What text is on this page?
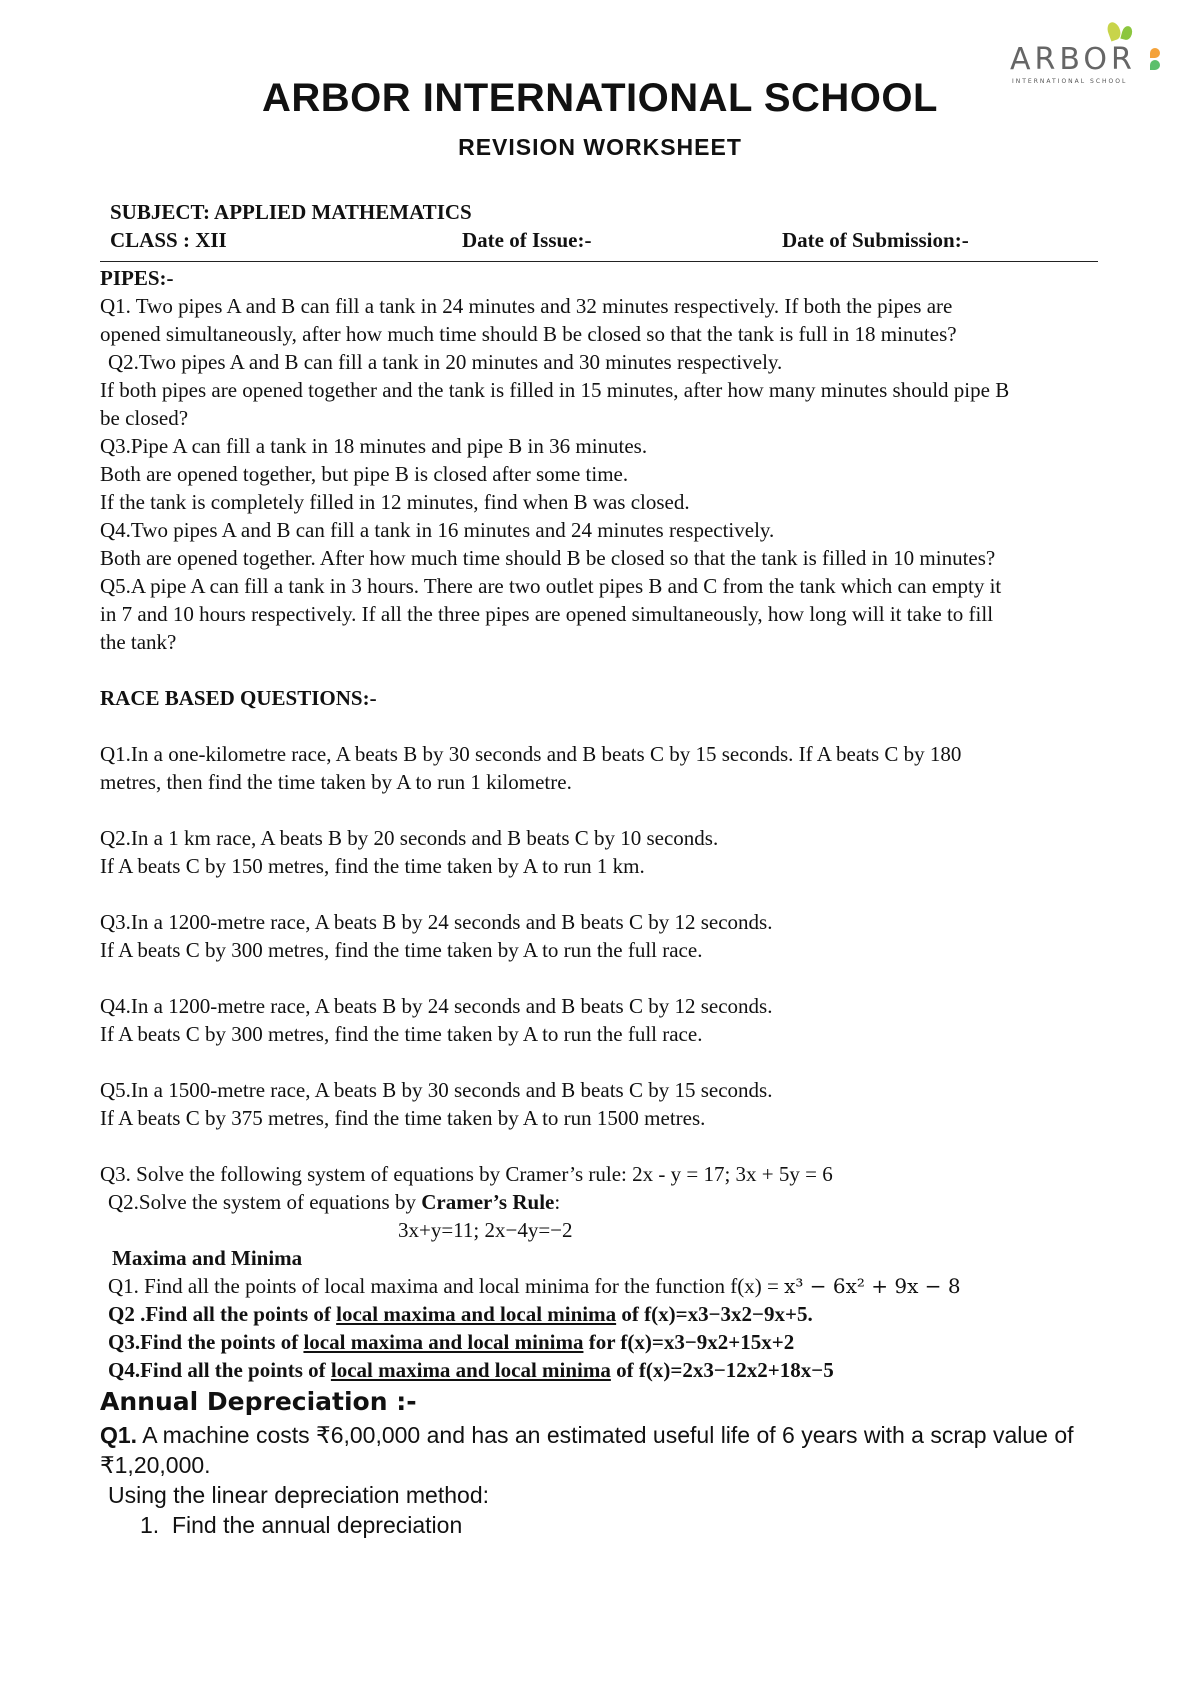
ARBOR
INTERNATIONAL SCHOOL
ARBOR INTERNATIONAL SCHOOL
REVISION WORKSHEET
SUBJECT: APPLIED MATHEMATICS
CLASS : XII	Date of Issue:-	Date of Submission:-

PIPES:-

Q1. Two pipes A and B can fill a tank in 24 minutes and 32 minutes respectively. If both the pipes are

opened simultaneously, after how much time should B be closed so that the tank is full in 18 minutes?

Q2.Two pipes A and B can fill a tank in 20 minutes and 30 minutes respectively.

If both pipes are opened together and the tank is filled in 15 minutes, after how many minutes should pipe B

be closed?

Q3.Pipe A can fill a tank in 18 minutes and pipe B in 36 minutes.

Both are opened together, but pipe B is closed after some time.

If the tank is completely filled in 12 minutes, find when B was closed.

Q4.Two pipes A and B can fill a tank in 16 minutes and 24 minutes respectively.

Both are opened together. After how much time should B be closed so that the tank is filled in 10 minutes?

Q5.A pipe A can fill a tank in 3 hours. There are two outlet pipes B and C from the tank which can empty it

in 7 and 10 hours respectively. If all the three pipes are opened simultaneously, how long will it take to fill

the tank?

RACE BASED QUESTIONS:-

Q1.In a one-kilometre race, A beats B by 30 seconds and B beats C by 15 seconds. If A beats C by 180

metres, then find the time taken by A to run 1 kilometre.

Q2.In a 1 km race, A beats B by 20 seconds and B beats C by 10 seconds.

If A beats C by 150 metres, find the time taken by A to run 1 km.

Q3.In a 1200-metre race, A beats B by 24 seconds and B beats C by 12 seconds.

If A beats C by 300 metres, find the time taken by A to run the full race.

Q4.In a 1200-metre race, A beats B by 24 seconds and B beats C by 12 seconds.

If A beats C by 300 metres, find the time taken by A to run the full race.

Q5.In a 1500-metre race, A beats B by 30 seconds and B beats C by 15 seconds.

If A beats C by 375 metres, find the time taken by A to run 1500 metres.

Q3. Solve the following system of equations by Cramer’s rule: 2x - y = 17; 3x + 5y = 6

Q2.Solve the system of equations by Cramer’s Rule:

3x+y=11; 2x−4y=−2

Maxima and Minima

Q1. Find all the points of local maxima and local minima for the function f(x) = x³ − 6x² + 9x − 8

Q2 .Find all the points of local maxima and local minima of f(x)=x3−3x2−9x+5.

Q3.Find the points of local maxima and local minima for f(x)=x3−9x2+15x+2

Q4.Find all the points of local maxima and local minima of f(x)=2x3−12x2+18x−5

Annual Depreciation :-

Q1. A machine costs ₹6,00,000 and has an estimated useful life of 6 years with a scrap value of

₹1,20,000.

Using the linear depreciation method:

1. Find the annual depreciation
